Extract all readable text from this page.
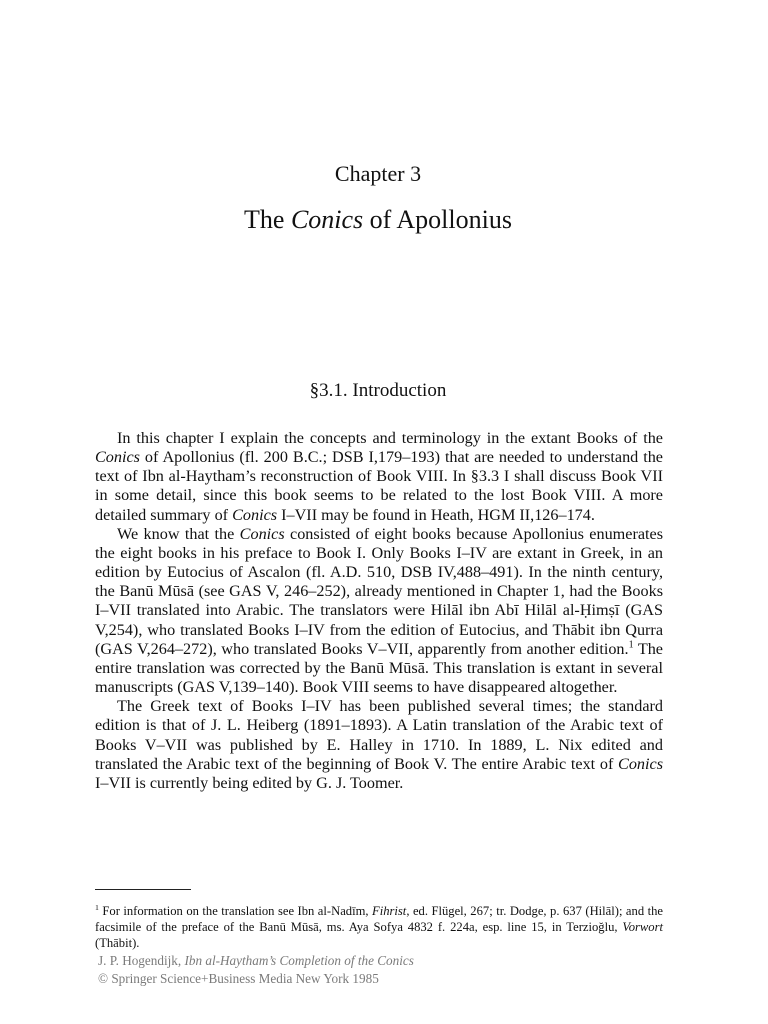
Chapter 3
The Conics of Apollonius
§3.1. Introduction

In this chapter I explain the concepts and terminology in the extant Books of the Conics of Apollonius (fl. 200 B.C.; DSB I,179–193) that are needed to understand the text of Ibn al-Haytham’s reconstruction of Book VIII. In §3.3 I shall discuss Book VII in some detail, since this book seems to be related to the lost Book VIII. A more detailed summary of Conics I–VII may be found in Heath, HGM II,126–174.

We know that the Conics consisted of eight books because Apollonius enumerates the eight books in his preface to Book I. Only Books I–IV are extant in Greek, in an edition by Eutocius of Ascalon (fl. A.D. 510, DSB IV,488–491). In the ninth century, the Banū Mūsā (see GAS V, 246–252), already mentioned in Chapter 1, had the Books I–VII translated into Arabic. The translators were Hilāl ibn Abī Hilāl al-Ḥimṣī (GAS V,254), who translated Books I–IV from the edition of Eutocius, and Thābit ibn Qurra (GAS V,264–272), who translated Books V–VII, apparently from another edition.$^1$ The entire translation was corrected by the Banū Mūsā. This translation is extant in several manuscripts (GAS V,139–140). Book VIII seems to have disappeared altogether.

The Greek text of Books I–IV has been published several times; the standard edition is that of J. L. Heiberg (1891–1893). A Latin translation of the Arabic text of Books V–VII was published by E. Halley in 1710. In 1889, L. Nix edited and translated the Arabic text of the beginning of Book V. The entire Arabic text of Conics I–VII is currently being edited by G. J. Toomer.

$^1$ For information on the translation see Ibn al-Nadīm, Fihrist, ed. Flügel, 267; tr. Dodge, p. 637 (Hilāl); and the facsimile of the preface of the Banū Mūsā, ms. Aya Sofya 4832 f. 224a, esp. line 15, in Terzioğlu, Vorwort (Thābit).
J. P. Hogendijk, Ibn al-Haytham’s Completion of the Conics
© Springer Science+Business Media New York 1985
